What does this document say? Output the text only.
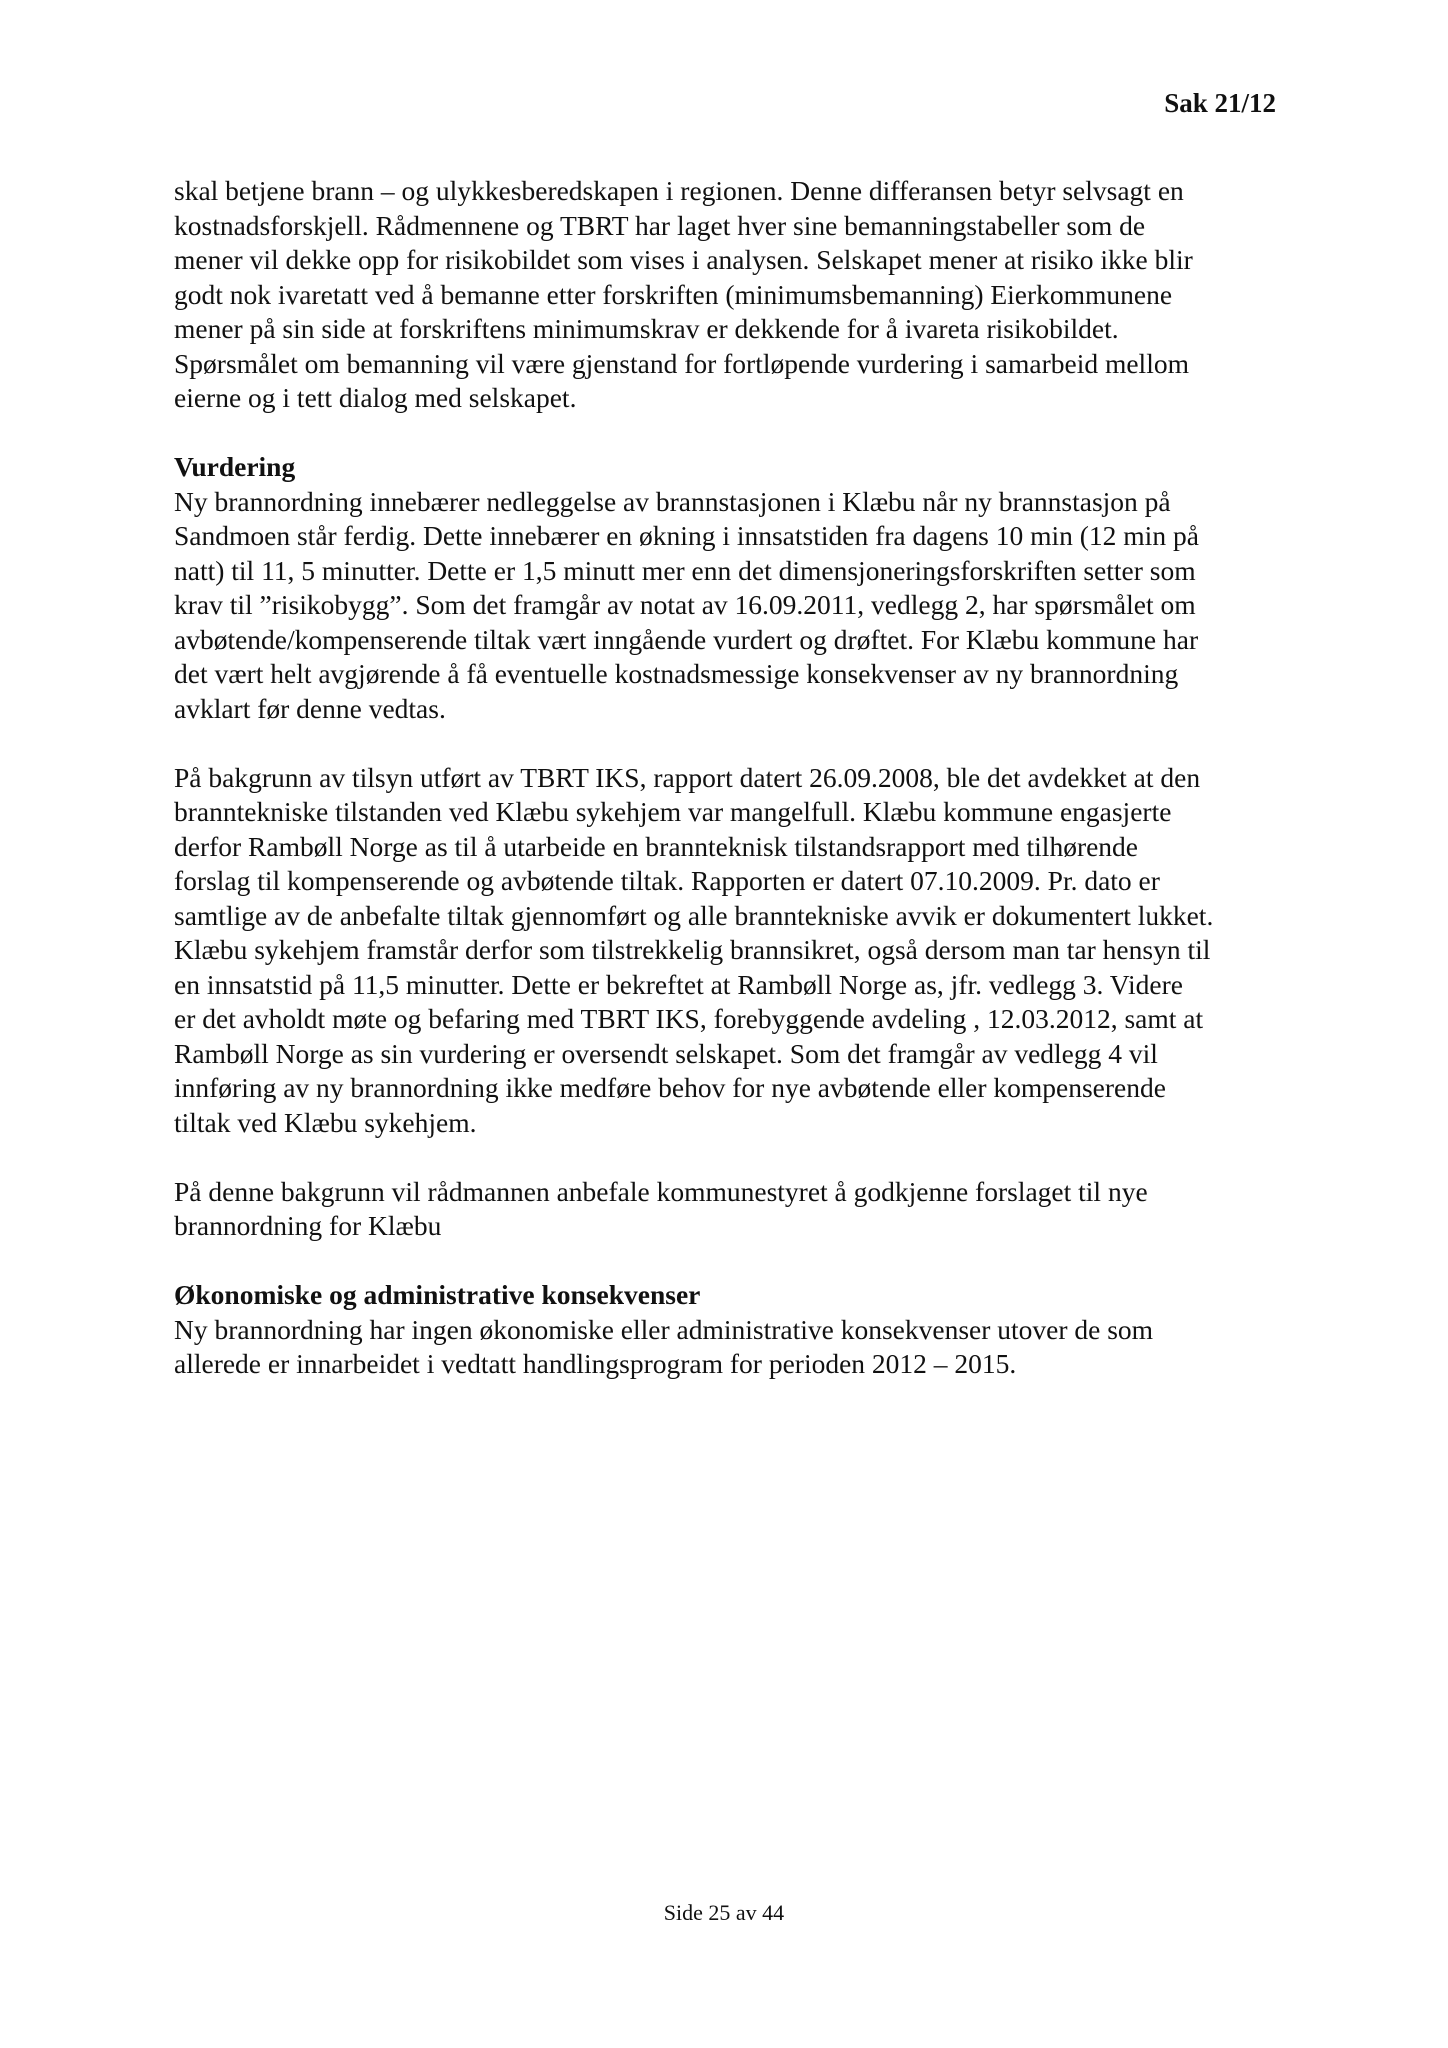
Sak 21/12
skal betjene brann – og ulykkesberedskapen i regionen. Denne differansen betyr selvsagt en
kostnadsforskjell. Rådmennene og TBRT har laget hver sine bemanningstabeller som de
mener vil dekke opp for risikobildet som vises i analysen. Selskapet mener at risiko ikke blir
godt nok ivaretatt ved å bemanne etter forskriften (minimumsbemanning) Eierkommunene
mener på sin side at forskriftens minimumskrav er dekkende for å ivareta risikobildet.
Spørsmålet om bemanning vil være gjenstand for fortløpende vurdering i samarbeid mellom
eierne og i tett dialog med selskapet.
Vurdering
Ny brannordning innebærer nedleggelse av brannstasjonen i Klæbu når ny brannstasjon på
Sandmoen står ferdig. Dette innebærer en økning i innsatstiden fra dagens 10 min (12 min på
natt) til 11, 5 minutter. Dette er 1,5 minutt mer enn det dimensjoneringsforskriften setter som
krav til ”risikobygg”. Som det framgår av notat av 16.09.2011, vedlegg 2, har spørsmålet om
avbøtende/kompenserende tiltak vært inngående vurdert og drøftet. For Klæbu kommune har
det vært helt avgjørende å få eventuelle kostnadsmessige konsekvenser av ny brannordning
avklart før denne vedtas.
På bakgrunn av tilsyn utført av TBRT IKS, rapport datert 26.09.2008, ble det avdekket at den
branntekniske tilstanden ved Klæbu sykehjem var mangelfull. Klæbu kommune engasjerte
derfor Rambøll Norge as til å utarbeide en brannteknisk tilstandsrapport med tilhørende
forslag til kompenserende og avbøtende tiltak. Rapporten er datert 07.10.2009. Pr. dato er
samtlige av de anbefalte tiltak gjennomført og alle branntekniske avvik er dokumentert lukket.
Klæbu sykehjem framstår derfor som tilstrekkelig brannsikret, også dersom man tar hensyn til
en innsatstid på 11,5 minutter. Dette er bekreftet at Rambøll Norge as, jfr. vedlegg 3. Videre
er det avholdt møte og befaring med TBRT IKS, forebyggende avdeling , 12.03.2012, samt at
Rambøll Norge as sin vurdering er oversendt selskapet. Som det framgår av vedlegg 4 vil
innføring av ny brannordning ikke medføre behov for nye avbøtende eller kompenserende
tiltak ved Klæbu sykehjem.
På denne bakgrunn vil rådmannen anbefale kommunestyret å godkjenne forslaget til nye
brannordning for Klæbu
Økonomiske og administrative konsekvenser
Ny brannordning har ingen økonomiske eller administrative konsekvenser utover de som
allerede er innarbeidet i vedtatt handlingsprogram for perioden 2012 – 2015.
Side 25 av 44
